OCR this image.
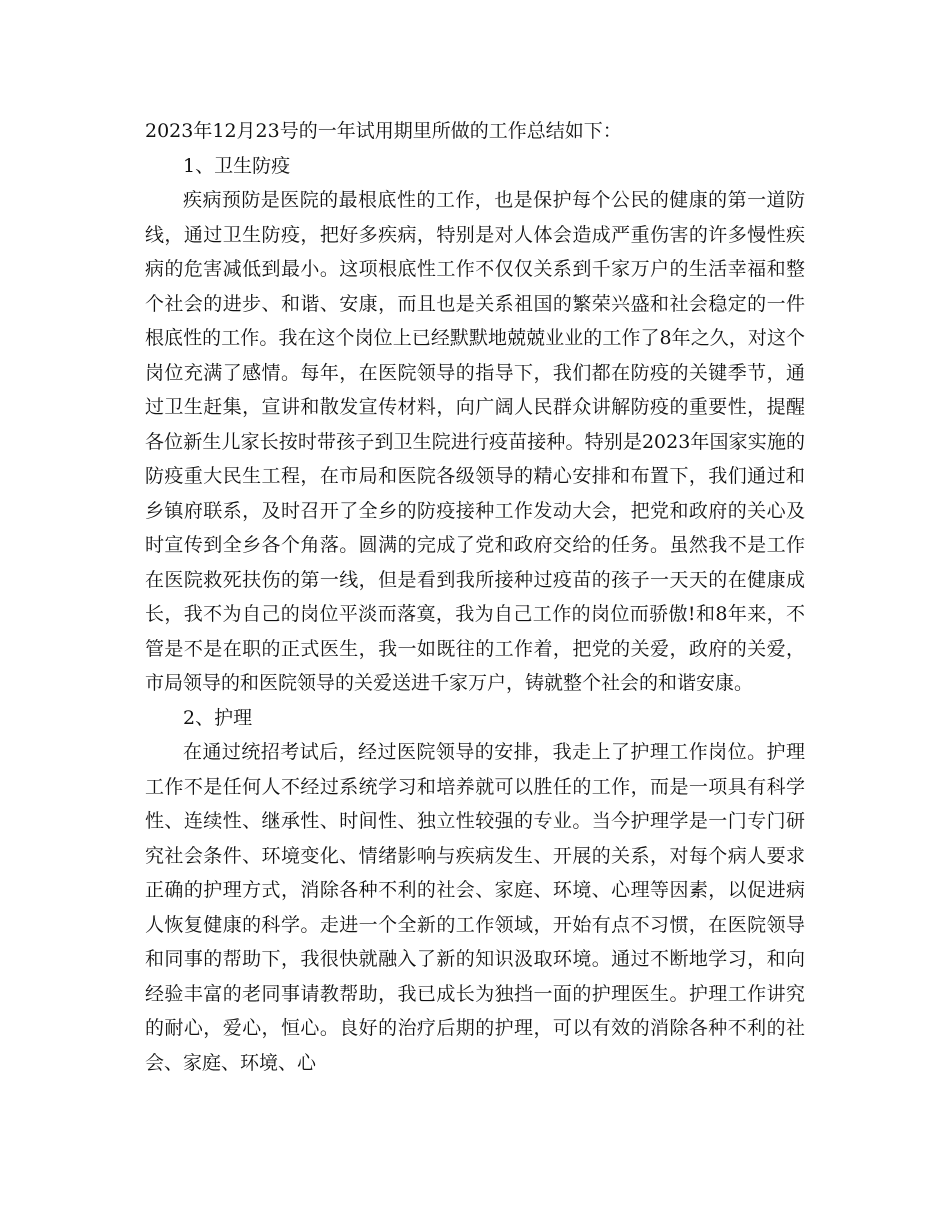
2023年12月23号的一年试用期里所做的工作总结如下：

1、卫生防疫

疾病预防是医院的最根底性的工作，也是保护每个公民的健康的第一道防线，通过卫生防疫，把好多疾病，特别是对人体会造成严重伤害的许多慢性疾病的危害减低到最小。这项根底性工作不仅仅关系到千家万户的生活幸福和整个社会的进步、和谐、安康，而且也是关系祖国的繁荣兴盛和社会稳定的一件根底性的工作。我在这个岗位上已经默默地兢兢业业的工作了8年之久，对这个岗位充满了感情。每年，在医院领导的指导下，我们都在防疫的关键季节，通过卫生赶集，宣讲和散发宣传材料，向广阔人民群众讲解防疫的重要性，提醒各位新生儿家长按时带孩子到卫生院进行疫苗接种。特别是2023年国家实施的防疫重大民生工程，在市局和医院各级领导的精心安排和布置下，我们通过和乡镇府联系，及时召开了全乡的防疫接种工作发动大会，把党和政府的关心及时宣传到全乡各个角落。圆满的完成了党和政府交给的任务。虽然我不是工作在医院救死扶伤的第一线，但是看到我所接种过疫苗的孩子一天天的在健康成长，我不为自己的岗位平淡而落寞，我为自己工作的岗位而骄傲!和8年来，不管是不是在职的正式医生，我一如既往的工作着，把党的关爱，政府的关爱，市局领导的和医院领导的关爱送进千家万户，铸就整个社会的和谐安康。

2、护理

在通过统招考试后，经过医院领导的安排，我走上了护理工作岗位。护理工作不是任何人不经过系统学习和培养就可以胜任的工作，而是一项具有科学性、连续性、继承性、时间性、独立性较强的专业。当今护理学是一门专门研究社会条件、环境变化、情绪影响与疾病发生、开展的关系，对每个病人要求正确的护理方式，消除各种不利的社会、家庭、环境、心理等因素，以促进病人恢复健康的科学。走进一个全新的工作领域，开始有点不习惯，在医院领导和同事的帮助下，我很快就融入了新的知识汲取环境。通过不断地学习，和向经验丰富的老同事请教帮助，我已成长为独挡一面的护理医生。护理工作讲究的耐心，爱心，恒心。良好的治疗后期的护理，可以有效的消除各种不利的社会、家庭、环境、心
